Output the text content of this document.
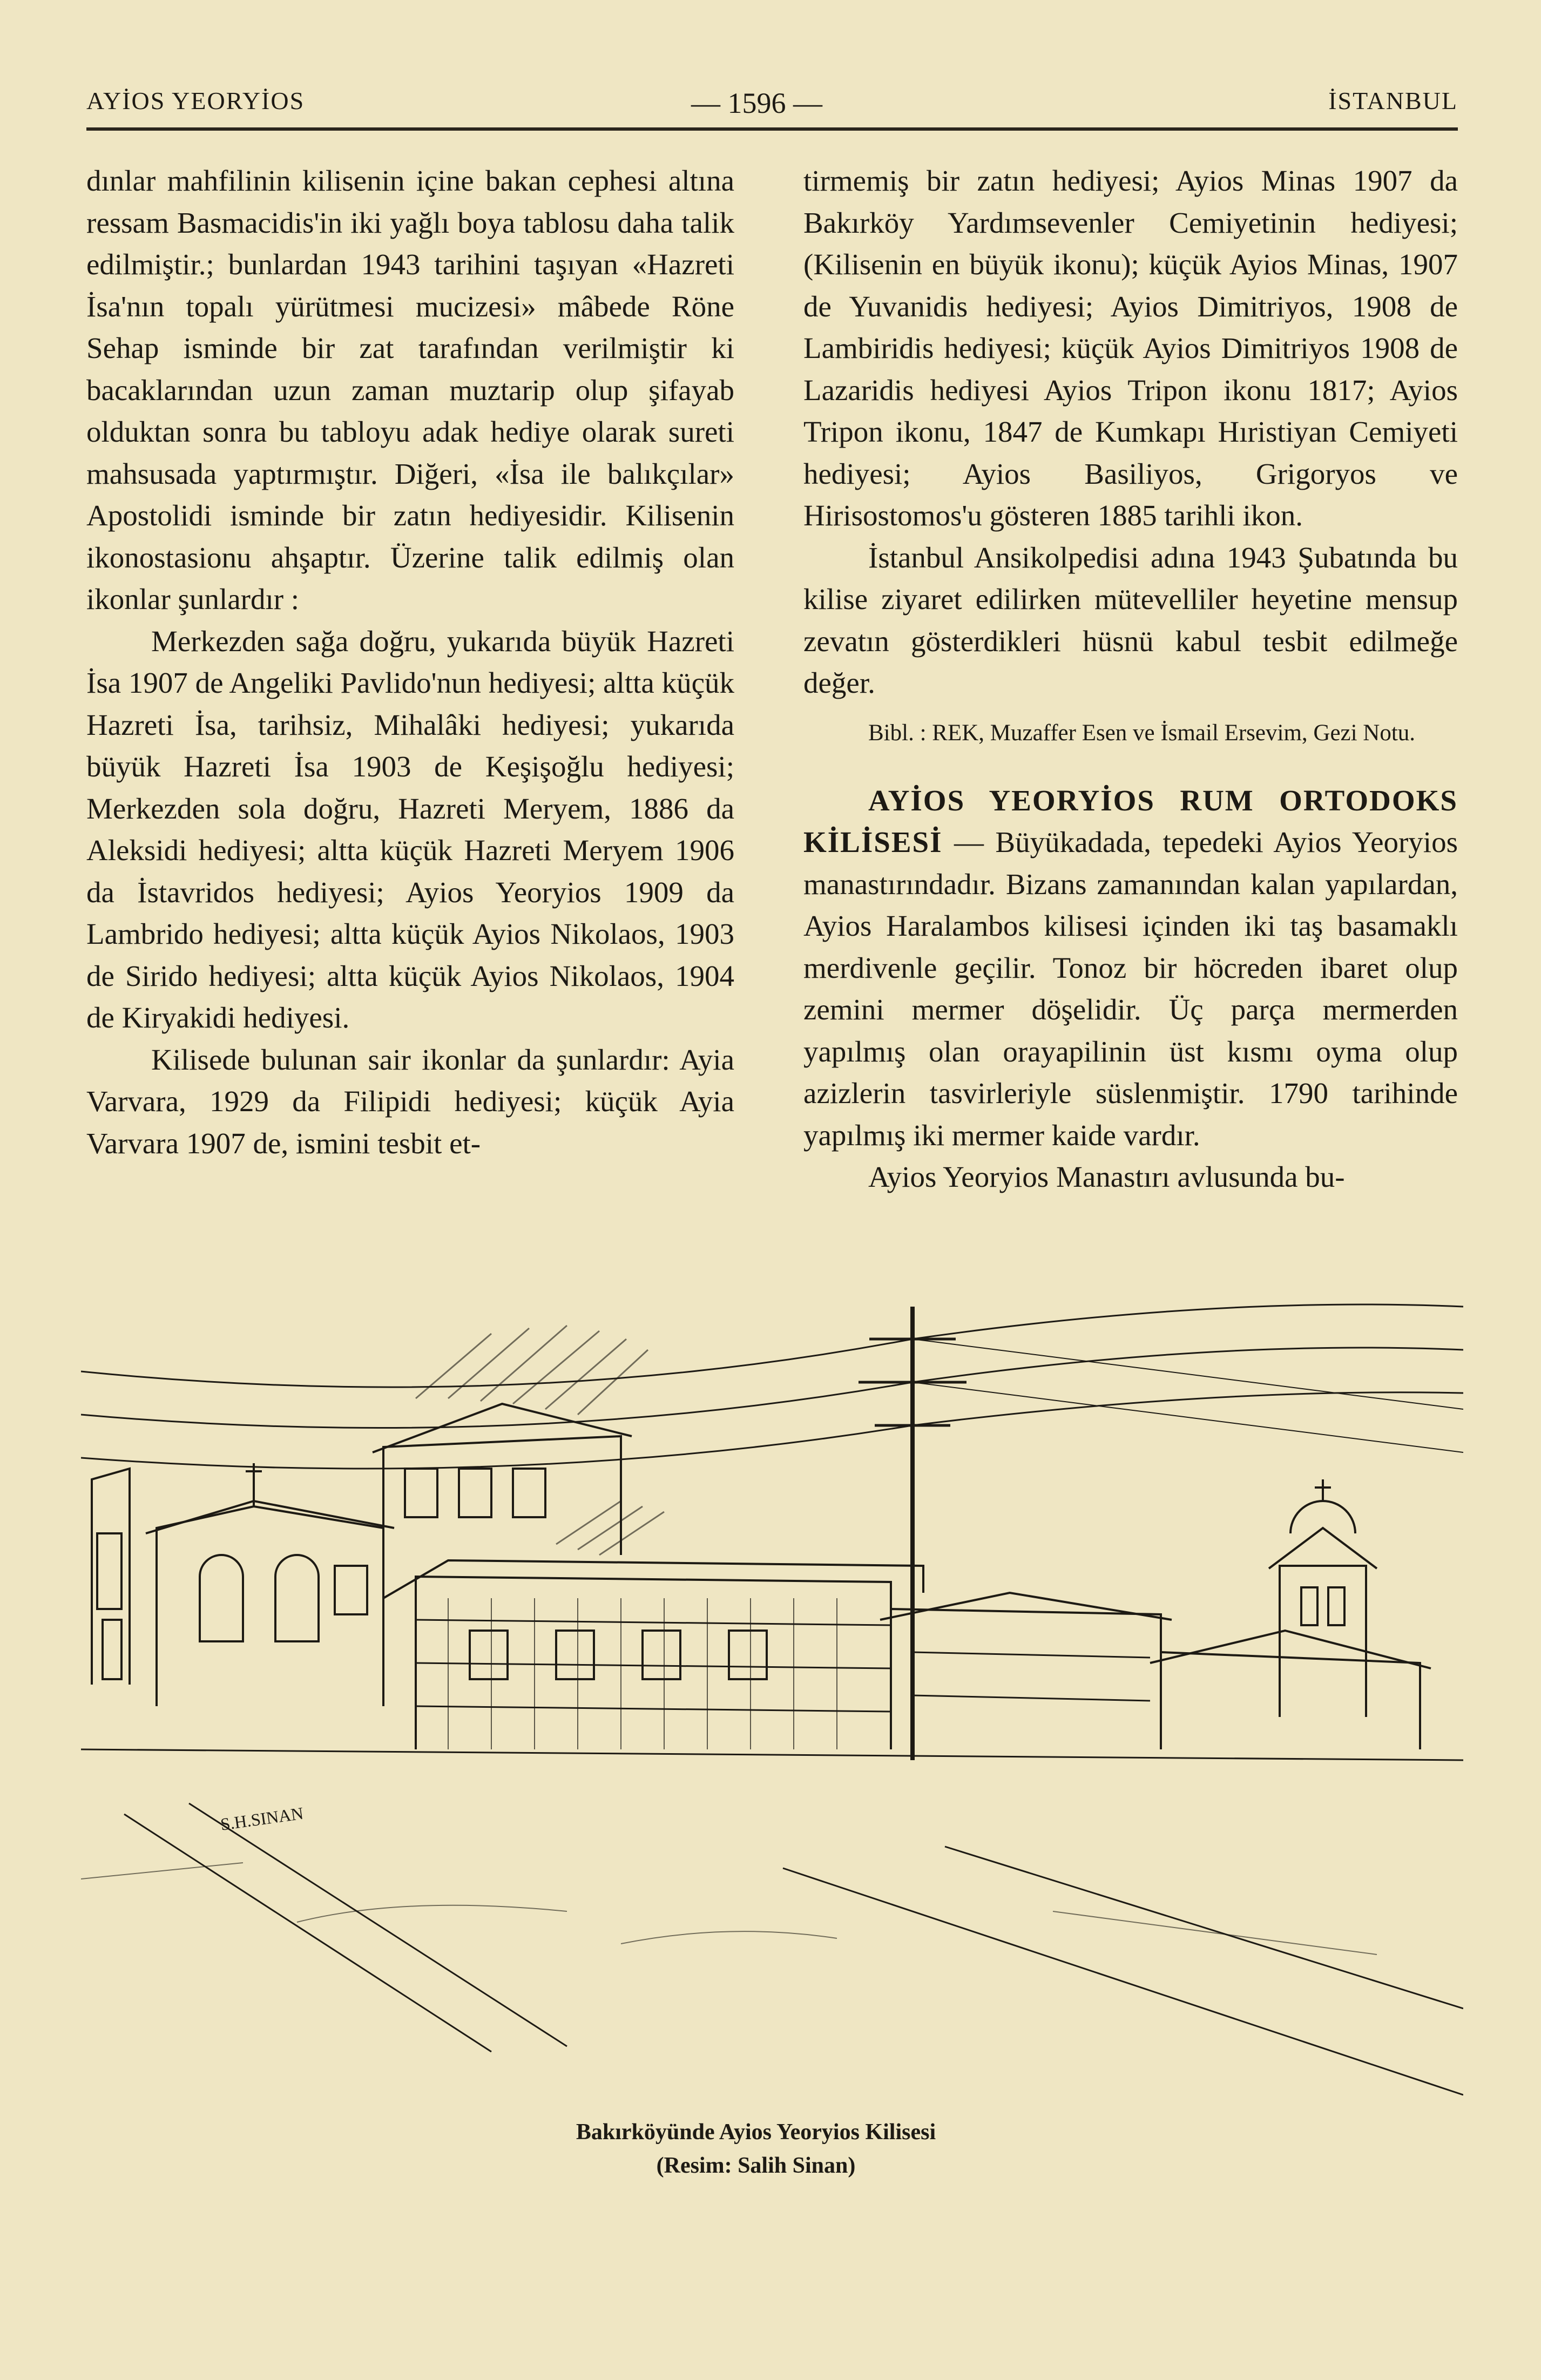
AYİOS YEORYİOS	— 1596 —	İSTANBUL

dınlar mahfilinin kilisenin içine bakan cephesi altına ressam Basmacidis'in iki yağlı boya tablosu daha talik edilmiştir.; bunlardan 1943 tarihini taşıyan «Hazreti İsa'nın topalı yürütmesi mucizesi» mâbede Röne Sehap isminde bir zat tarafından verilmiştir ki bacaklarından uzun zaman muztarip olup şifayab olduktan sonra bu tabloyu adak hediye olarak sureti mahsusada yaptırmıştır. Diğeri, «İsa ile balıkçılar» Apostolidi isminde bir zatın hediyesidir. Kilisenin ikonostasionu ahşaptır. Üzerine talik edilmiş olan ikonlar şunlardır :

Merkezden sağa doğru, yukarıda büyük Hazreti İsa 1907 de Angeliki Pavlido'nun hediyesi; altta küçük Hazreti İsa, tarihsiz, Mihalâki hediyesi; yukarıda büyük Hazreti İsa 1903 de Keşişoğlu hediyesi; Merkezden sola doğru, Hazreti Meryem, 1886 da Aleksidi hediyesi; altta küçük Hazreti Meryem 1906 da İstavridos hediyesi; Ayios Yeoryios 1909 da Lambrido hediyesi; altta küçük Ayios Nikolaos, 1903 de Sirido hediyesi; altta küçük Ayios Nikolaos, 1904 de Kiryakidi hediyesi.

Kilisede bulunan sair ikonlar da şunlardır: Ayia Varvara, 1929 da Filipidi hediyesi; küçük Ayia Varvara 1907 de, ismini tesbit et-

tirmemiş bir zatın hediyesi; Ayios Minas 1907 da Bakırköy Yardımsevenler Cemiyetinin hediyesi; (Kilisenin en büyük ikonu); küçük Ayios Minas, 1907 de Yuvanidis hediyesi; Ayios Dimitriyos, 1908 de Lambiridis hediyesi; küçük Ayios Dimitriyos 1908 de Lazaridis hediyesi Ayios Tripon ikonu 1817; Ayios Tripon ikonu, 1847 de Kumkapı Hıristiyan Cemiyeti hediyesi; Ayios Basiliyos, Grigoryos ve Hirisostomos'u gösteren 1885 tarihli ikon.

İstanbul Ansikolpedisi adına 1943 Şubatında bu kilise ziyaret edilirken mütevelliler heyetine mensup zevatın gösterdikleri hüsnü kabul tesbit edilmeğe değer.

Bibl. : REK, Muzaffer Esen ve İsmail Ersevim, Gezi Notu.

AYİOS YEORYİOS RUM ORTODOKS KİLİSESİ — Büyükadada, tepedeki Ayios Yeoryios manastırındadır. Bizans zamanından kalan yapılardan, Ayios Haralambos kilisesi içinden iki taş basamaklı merdivenle geçilir. Tonoz bir höcreden ibaret olup zemini mermer döşelidir. Üç parça mermerden yapılmış olan orayapilinin üst kısmı oyma olup azizlerin tasvirleriyle süslenmiştir. 1790 tarihinde yapılmış iki mermer kaide vardır.

Ayios Yeoryios Manastırı avlusunda bu-

S.H.SINAN
Bakırköyünde Ayios Yeoryios Kilisesi
(Resim: Salih Sinan)
